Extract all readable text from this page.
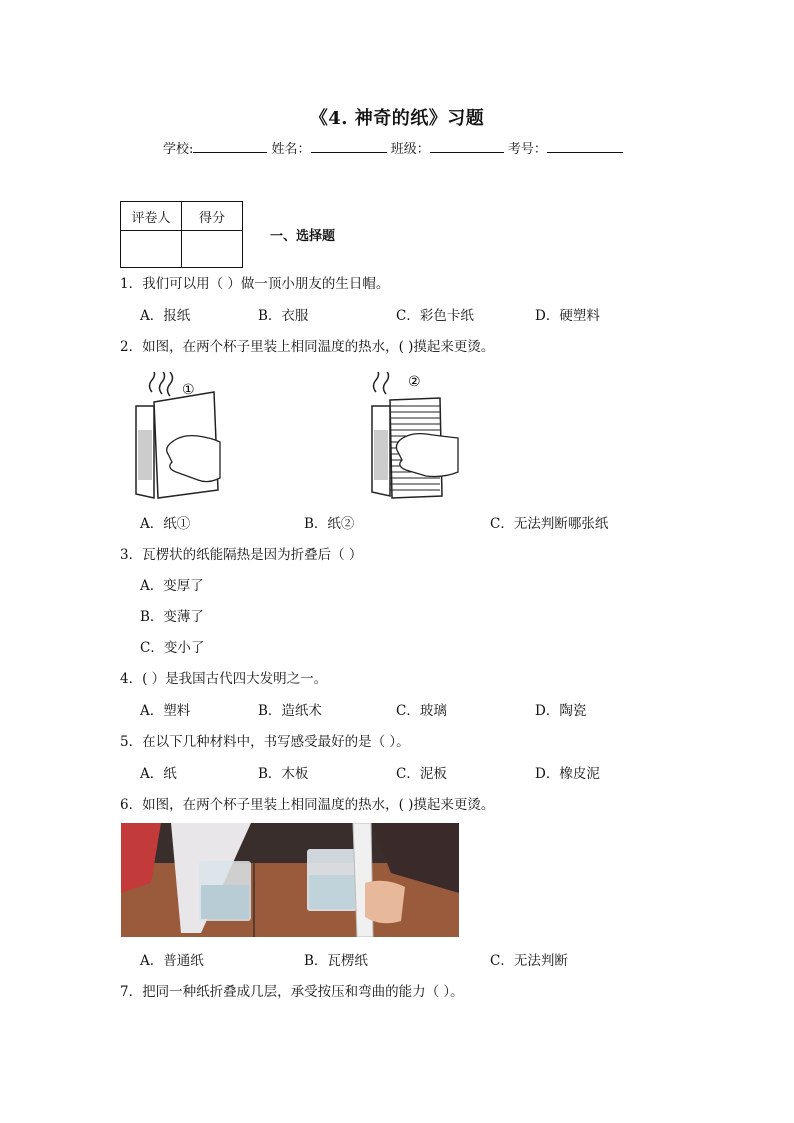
《4. 神奇的纸》习题
学校:	姓名：	班级：	考号：
评卷人	得分

一、选择题
1．我们可以用（ ）做一顶小朋友的生日帽。
A．报纸	B．衣服	C．彩色卡纸	D．硬塑料
2．如图，在两个杯子里装上相同温度的热水，( )摸起来更烫。
①	②
A．纸①	B．纸②	C．无法判断哪张纸
3．瓦楞状的纸能隔热是因为折叠后（ ）
A．变厚了
B．变薄了
C．变小了
4．( ）是我国古代四大发明之一。
A．塑料	B．造纸术	C．玻璃	D．陶瓷
5．在以下几种材料中，书写感受最好的是（ ）。
A．纸	B．木板	C．泥板	D．橡皮泥
6．如图，在两个杯子里装上相同温度的热水，( )摸起来更烫。
A．普通纸	B．瓦楞纸	C．无法判断
7．把同一种纸折叠成几层，承受按压和弯曲的能力（ ）。
